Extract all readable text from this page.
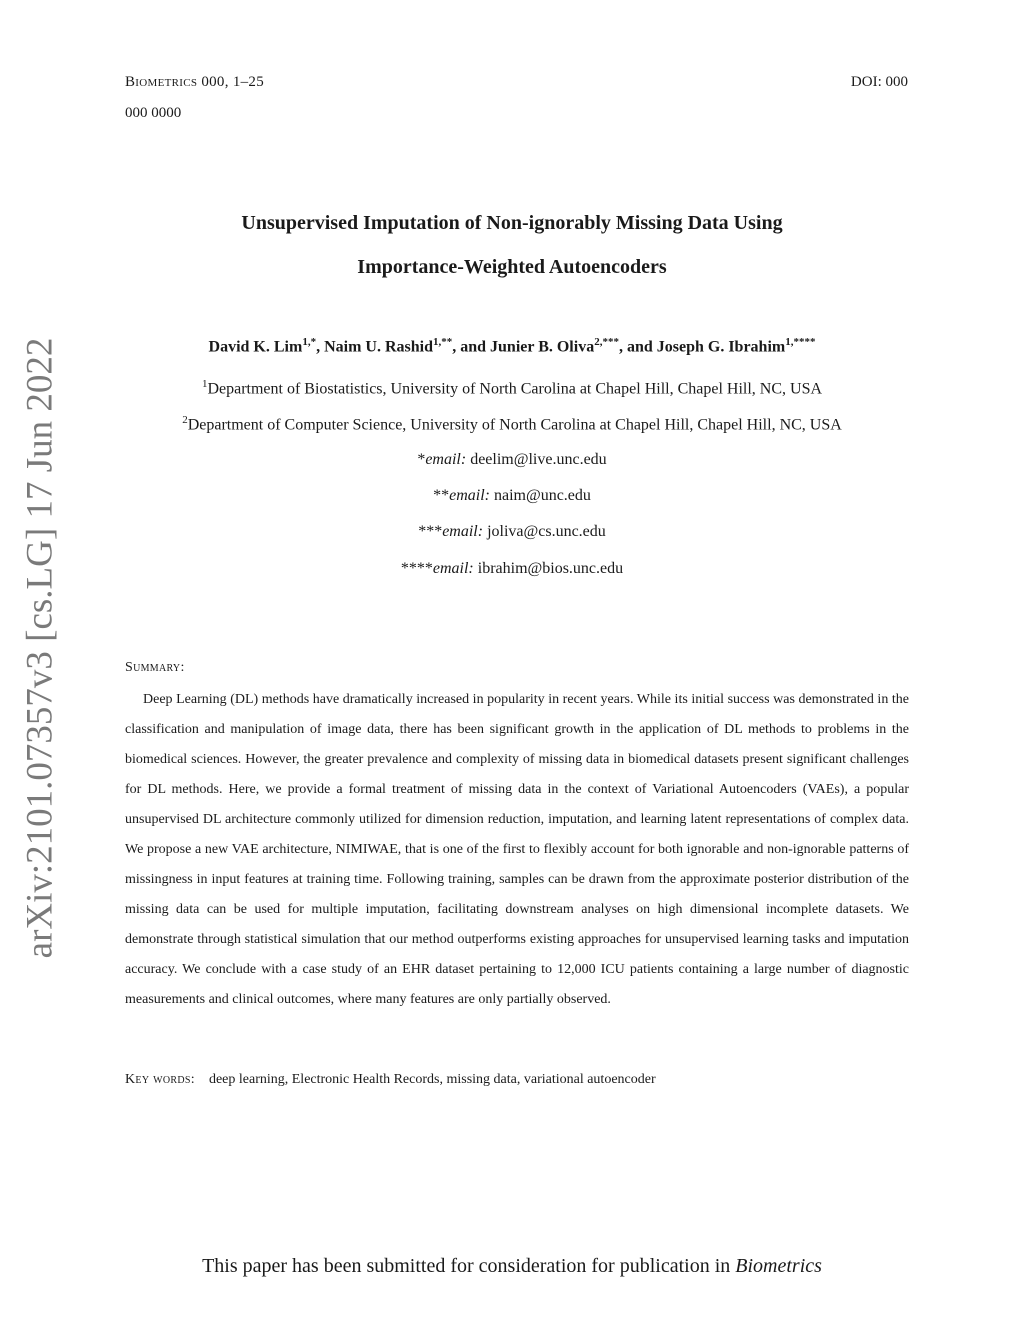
Biometrics 000, 1–25	DOI: 000
000 0000
arXiv:2101.07357v3 [cs.LG] 17 Jun 2022
Unsupervised Imputation of Non-ignorably Missing Data Using
Importance-Weighted Autoencoders
David K. Lim$^{1,*}$, Naim U. Rashid$^{1,**}$, and Junier B. Oliva$^{2,***}$, and Joseph G. Ibrahim$^{1,****}$
$^1$Department of Biostatistics, University of North Carolina at Chapel Hill, Chapel Hill, NC, USA
$^2$Department of Computer Science, University of North Carolina at Chapel Hill, Chapel Hill, NC, USA
*email: deelim@live.unc.edu
**email: naim@unc.edu
***email: joliva@cs.unc.edu
****email: ibrahim@bios.unc.edu
Summary:
Deep Learning (DL) methods have dramatically increased in popularity in recent years. While its initial success was demonstrated in the classification and manipulation of image data, there has been significant growth in the application of DL methods to problems in the biomedical sciences. However, the greater prevalence and complexity of missing data in biomedical datasets present significant challenges for DL methods. Here, we provide a formal treatment of missing data in the context of Variational Autoencoders (VAEs), a popular unsupervised DL architecture commonly utilized for dimension reduction, imputation, and learning latent representations of complex data. We propose a new VAE architecture, NIMIWAE, that is one of the first to flexibly account for both ignorable and non-ignorable patterns of missingness in input features at training time. Following training, samples can be drawn from the approximate posterior distribution of the missing data can be used for multiple imputation, facilitating downstream analyses on high dimensional incomplete datasets. We demonstrate through statistical simulation that our method outperforms existing approaches for unsupervised learning tasks and imputation accuracy. We conclude with a case study of an EHR dataset pertaining to 12,000 ICU patients containing a large number of diagnostic measurements and clinical outcomes, where many features are only partially observed.
Key words: deep learning, Electronic Health Records, missing data, variational autoencoder
This paper has been submitted for consideration for publication in Biometrics
